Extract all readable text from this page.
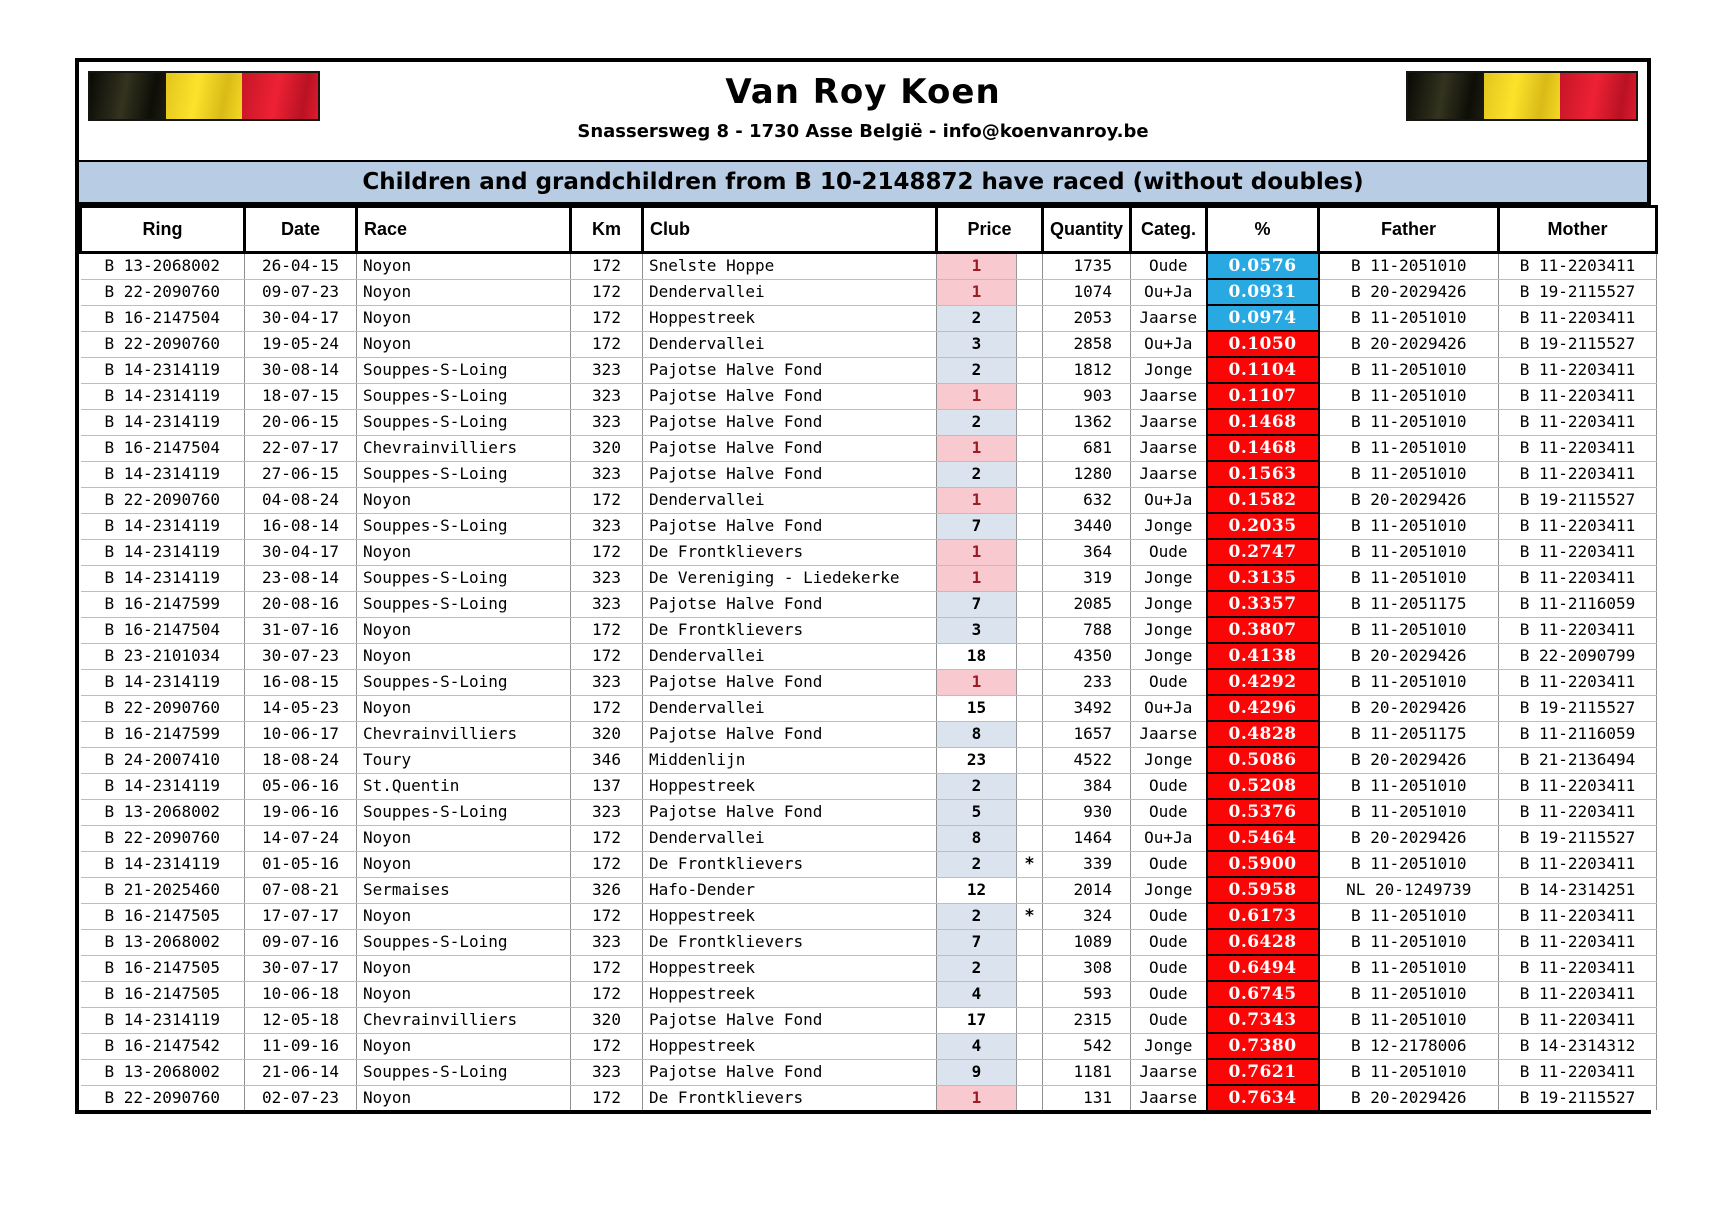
Van Roy Koen
Snassersweg 8 - 1730 Asse België - info@koenvanroy.be
Children and grandchildren from B 10-2148872 have raced (without doubles)
Ring	Date	Race	Km	Club	Price		Quantity	Categ.	%	Father	Mother
B 13-2068002	26-04-15	Noyon	172	Snelste Hoppe	1		1735	Oude	0.0576	B 11-2051010	B 11-2203411
B 22-2090760	09-07-23	Noyon	172	Dendervallei	1		1074	Ou+Ja	0.0931	B 20-2029426	B 19-2115527
B 16-2147504	30-04-17	Noyon	172	Hoppestreek	2		2053	Jaarse	0.0974	B 11-2051010	B 11-2203411
B 22-2090760	19-05-24	Noyon	172	Dendervallei	3		2858	Ou+Ja	0.1050	B 20-2029426	B 19-2115527
B 14-2314119	30-08-14	Souppes-S-Loing	323	Pajotse Halve Fond	2		1812	Jonge	0.1104	B 11-2051010	B 11-2203411
B 14-2314119	18-07-15	Souppes-S-Loing	323	Pajotse Halve Fond	1		903	Jaarse	0.1107	B 11-2051010	B 11-2203411
B 14-2314119	20-06-15	Souppes-S-Loing	323	Pajotse Halve Fond	2		1362	Jaarse	0.1468	B 11-2051010	B 11-2203411
B 16-2147504	22-07-17	Chevrainvilliers	320	Pajotse Halve Fond	1		681	Jaarse	0.1468	B 11-2051010	B 11-2203411
B 14-2314119	27-06-15	Souppes-S-Loing	323	Pajotse Halve Fond	2		1280	Jaarse	0.1563	B 11-2051010	B 11-2203411
B 22-2090760	04-08-24	Noyon	172	Dendervallei	1		632	Ou+Ja	0.1582	B 20-2029426	B 19-2115527
B 14-2314119	16-08-14	Souppes-S-Loing	323	Pajotse Halve Fond	7		3440	Jonge	0.2035	B 11-2051010	B 11-2203411
B 14-2314119	30-04-17	Noyon	172	De Frontklievers	1		364	Oude	0.2747	B 11-2051010	B 11-2203411
B 14-2314119	23-08-14	Souppes-S-Loing	323	De Vereniging - Liedekerke	1		319	Jonge	0.3135	B 11-2051010	B 11-2203411
B 16-2147599	20-08-16	Souppes-S-Loing	323	Pajotse Halve Fond	7		2085	Jonge	0.3357	B 11-2051175	B 11-2116059
B 16-2147504	31-07-16	Noyon	172	De Frontklievers	3		788	Jonge	0.3807	B 11-2051010	B 11-2203411
B 23-2101034	30-07-23	Noyon	172	Dendervallei	18		4350	Jonge	0.4138	B 20-2029426	B 22-2090799
B 14-2314119	16-08-15	Souppes-S-Loing	323	Pajotse Halve Fond	1		233	Oude	0.4292	B 11-2051010	B 11-2203411
B 22-2090760	14-05-23	Noyon	172	Dendervallei	15		3492	Ou+Ja	0.4296	B 20-2029426	B 19-2115527
B 16-2147599	10-06-17	Chevrainvilliers	320	Pajotse Halve Fond	8		1657	Jaarse	0.4828	B 11-2051175	B 11-2116059
B 24-2007410	18-08-24	Toury	346	Middenlijn	23		4522	Jonge	0.5086	B 20-2029426	B 21-2136494
B 14-2314119	05-06-16	St.Quentin	137	Hoppestreek	2		384	Oude	0.5208	B 11-2051010	B 11-2203411
B 13-2068002	19-06-16	Souppes-S-Loing	323	Pajotse Halve Fond	5		930	Oude	0.5376	B 11-2051010	B 11-2203411
B 22-2090760	14-07-24	Noyon	172	Dendervallei	8		1464	Ou+Ja	0.5464	B 20-2029426	B 19-2115527
B 14-2314119	01-05-16	Noyon	172	De Frontklievers	2	*	339	Oude	0.5900	B 11-2051010	B 11-2203411
B 21-2025460	07-08-21	Sermaises	326	Hafo-Dender	12		2014	Jonge	0.5958	NL 20-1249739	B 14-2314251
B 16-2147505	17-07-17	Noyon	172	Hoppestreek	2	*	324	Oude	0.6173	B 11-2051010	B 11-2203411
B 13-2068002	09-07-16	Souppes-S-Loing	323	De Frontklievers	7		1089	Oude	0.6428	B 11-2051010	B 11-2203411
B 16-2147505	30-07-17	Noyon	172	Hoppestreek	2		308	Oude	0.6494	B 11-2051010	B 11-2203411
B 16-2147505	10-06-18	Noyon	172	Hoppestreek	4		593	Oude	0.6745	B 11-2051010	B 11-2203411
B 14-2314119	12-05-18	Chevrainvilliers	320	Pajotse Halve Fond	17		2315	Oude	0.7343	B 11-2051010	B 11-2203411
B 16-2147542	11-09-16	Noyon	172	Hoppestreek	4		542	Jonge	0.7380	B 12-2178006	B 14-2314312
B 13-2068002	21-06-14	Souppes-S-Loing	323	Pajotse Halve Fond	9		1181	Jaarse	0.7621	B 11-2051010	B 11-2203411
B 22-2090760	02-07-23	Noyon	172	De Frontklievers	1		131	Jaarse	0.7634	B 20-2029426	B 19-2115527
